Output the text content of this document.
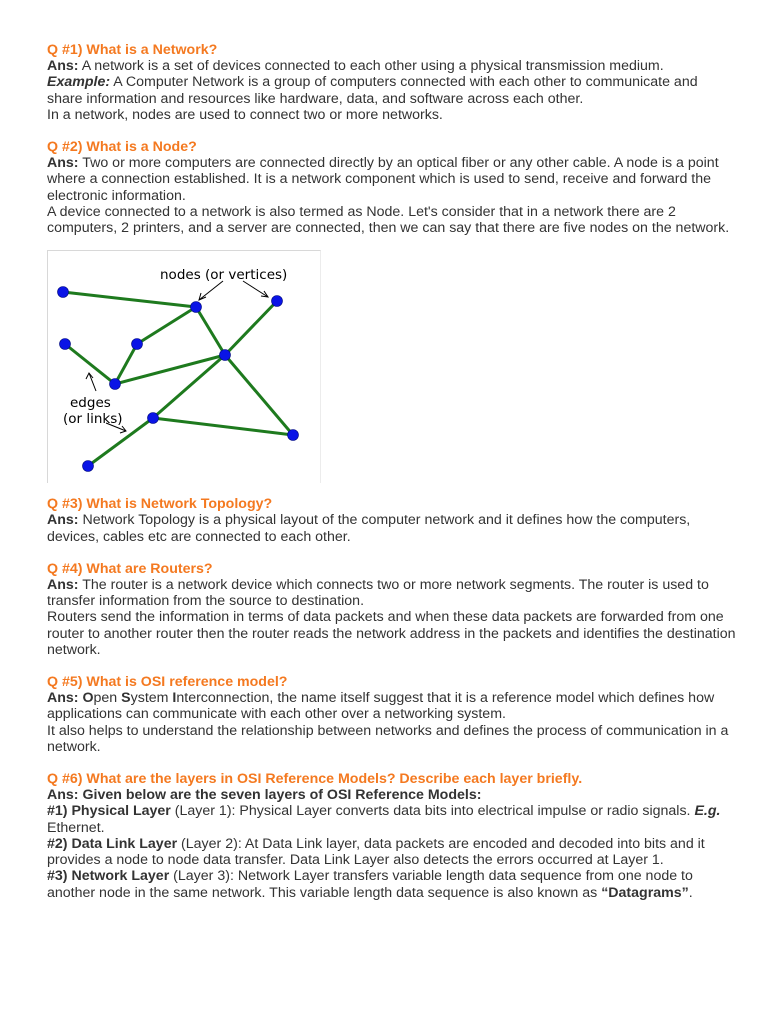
Q #1) What is a Network?

Ans: A network is a set of devices connected to each other using a physical transmission medium.

Example: A Computer Network is a group of computers connected with each other to communicate and share information and resources like hardware, data, and software across each other.

In a network, nodes are used to connect two or more networks.

Q #2) What is a Node?

Ans: Two or more computers are connected directly by an optical fiber or any other cable. A node is a point where a connection established. It is a network component which is used to send, receive and forward the electronic information.

A device connected to a network is also termed as Node. Let's consider that in a network there are 2 computers, 2 printers, and a server are connected, then we can say that there are five nodes on the network.

nodes (or vertices)
edges
(or links)

Q #3) What is Network Topology?

Ans: Network Topology is a physical layout of the computer network and it defines how the computers, devices, cables etc are connected to each other.

Q #4) What are Routers?

Ans: The router is a network device which connects two or more network segments. The router is used to transfer information from the source to destination.

Routers send the information in terms of data packets and when these data packets are forwarded from one router to another router then the router reads the network address in the packets and identifies the destination network.

Q #5) What is OSI reference model?

Ans: Open System Interconnection, the name itself suggest that it is a reference model which defines how applications can communicate with each other over a networking system.

It also helps to understand the relationship between networks and defines the process of communication in a network.

Q #6) What are the layers in OSI Reference Models? Describe each layer briefly.

Ans: Given below are the seven layers of OSI Reference Models:

#1) Physical Layer (Layer 1): Physical Layer converts data bits into electrical impulse or radio signals. E.g. Ethernet.

#2) Data Link Layer (Layer 2): At Data Link layer, data packets are encoded and decoded into bits and it provides a node to node data transfer. Data Link Layer also detects the errors occurred at Layer 1.

#3) Network Layer (Layer 3): Network Layer transfers variable length data sequence from one node to another node in the same network. This variable length data sequence is also known as “Datagrams”.
